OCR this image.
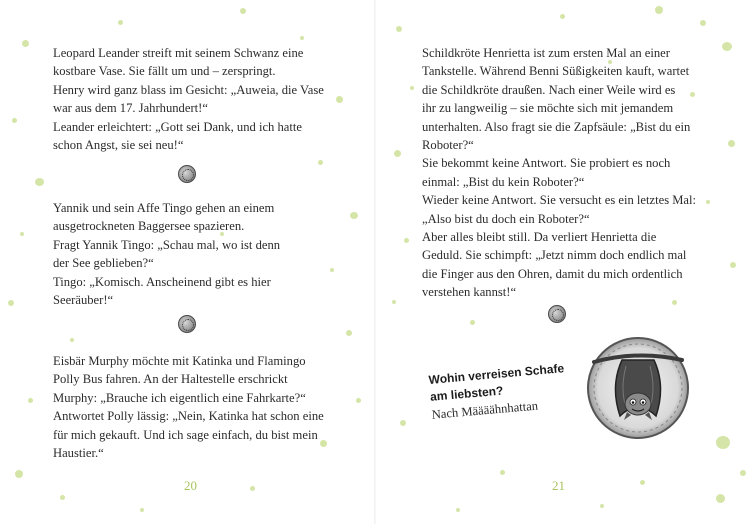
Leopard Leander streift mit seinem Schwanz eine
kostbare Vase. Sie fällt um und – zerspringt.
Henry wird ganz blass im Gesicht: „Auweia, die Vase
war aus dem 17. Jahrhundert!“
Leander erleichtert: „Gott sei Dank, und ich hatte
schon Angst, sie sei neu!“

Yannik und sein Affe Tingo gehen an einem
ausgetrockneten Baggersee spazieren.
Fragt Yannik Tingo: „Schau mal, wo ist denn
der See geblieben?“
Tingo: „Komisch. Anscheinend gibt es hier
Seeräuber!“

Eisbär Murphy möchte mit Katinka und Flamingo
Polly Bus fahren. An der Haltestelle erschrickt
Murphy: „Brauche ich eigentlich eine Fahrkarte?“
Antwortet Polly lässig: „Nein, Katinka hat schon eine
für mich gekauft. Und ich sage einfach, du bist mein
Haustier.“

20

Schildkröte Henrietta ist zum ersten Mal an einer
Tankstelle. Während Benni Süßigkeiten kauft, wartet
die Schildkröte draußen. Nach einer Weile wird es
ihr zu langweilig – sie möchte sich mit jemandem
unterhalten. Also fragt sie die Zapfsäule: „Bist du ein
Roboter?“
Sie bekommt keine Antwort. Sie probiert es noch
einmal: „Bist du kein Roboter?“
Wieder keine Antwort. Sie versucht es ein letztes Mal:
„Also bist du doch ein Roboter?“
Aber alles bleibt still. Da verliert Henrietta die
Geduld. Sie schimpft: „Jetzt nimm doch endlich mal
die Finger aus den Ohren, damit du mich ordentlich
verstehen kannst!“

Wohin verreisen Schafe
am liebsten?

Nach Määäähnhattan

21
